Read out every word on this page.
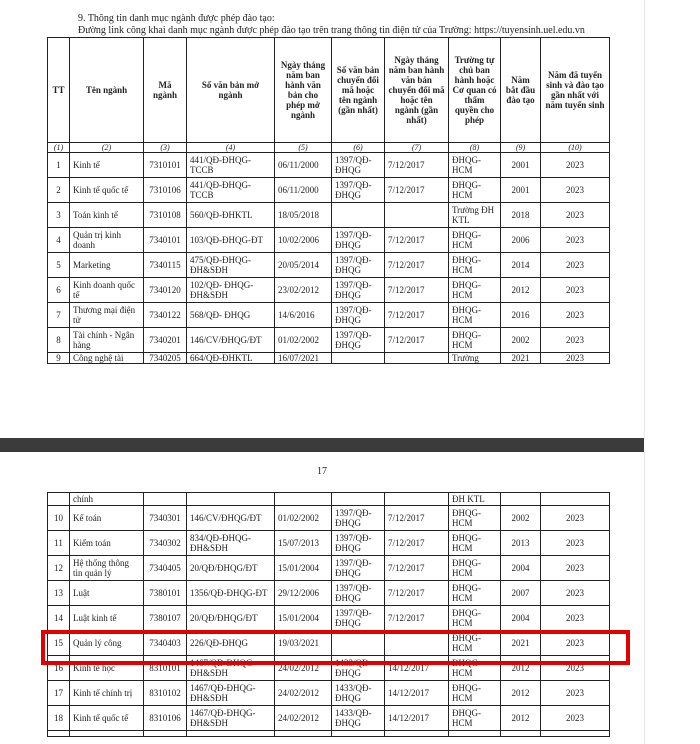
9. Thông tin danh mục ngành được phép đào tạo:

Đường link công khai danh mục ngành được phép đào tạo trên trang thông tin điện tử của Trường: https://tuyensinh.uel.edu.vn

TT	Tên ngành	Mã ngành	Số văn bản mở ngành	Ngày tháng năm ban hành văn bản cho phép mở ngành	Số văn bản chuyển đổi mã hoặc tên ngành (gần nhất)	Ngày tháng năm ban hành văn bản chuyển đổi mã hoặc tên ngành (gần nhất)	Trường tự chủ ban hành hoặc Cơ quan có thẩm quyền cho phép	Năm bắt đầu đào tạo	Năm đã tuyển sinh và đào tạo gần nhất với năm tuyển sinh
(1)	(2)	(3)	(4)	(5)	(6)	(7)	(8)	(9)	(10)
1	Kinh tế	7310101	441/QĐ-ĐHQG-TCCB	06/11/2000	1397/QĐ-ĐHQG	7/12/2017	ĐHQG-HCM	2001	2023
2	Kinh tế quốc tế	7310106	441/QĐ-ĐHQG-TCCB	06/11/2000	1397/QĐ-ĐHQG	7/12/2017	ĐHQG-HCM	2001	2023
3	Toán kinh tế	7310108	560/QĐ-ĐHKTL	18/05/2018			Trường ĐH KTL	2018	2023
4	Quản trị kinh doanh	7340101	103/QĐ-ĐHQG-ĐT	10/02/2006	1397/QĐ-ĐHQG	7/12/2017	ĐHQG-HCM	2006	2023
5	Marketing	7340115	475/QĐ-ĐHQG-ĐH&SĐH	20/05/2014	1397/QĐ-ĐHQG	7/12/2017	ĐHQG-HCM	2014	2023
6	Kinh doanh quốc tế	7340120	102/QĐ- ĐHQG-ĐH&SĐH	23/02/2012	1397/QĐ-ĐHQG	7/12/2017	ĐHQG-HCM	2012	2023
7	Thương mại điện tử	7340122	568/QĐ- ĐHQG	14/6/2016	1397/QĐ-ĐHQG	7/12/2017	ĐHQG-HCM	2016	2023
8	Tài chính - Ngân hàng	7340201	146/CV/ĐHQG/ĐT	01/02/2002	1397/QĐ-ĐHQG	7/12/2017	ĐHQG-HCM	2002	2023
9	Công nghệ tài	7340205	664/QĐ-ĐHKTL	16/07/2021			Trường	2021	2023
17
	chính						ĐH KTL		
10	Kế toán	7340301	146/CV/ĐHQG/ĐT	01/02/2002	1397/QĐ-ĐHQG	7/12/2017	ĐHQG-HCM	2002	2023
11	Kiểm toán	7340302	834/QĐ-ĐHQG-ĐH&SĐH	15/07/2013	1397/QĐ-ĐHQG	7/12/2017	ĐHQG-HCM	2013	2023
12	Hệ thống thông tin quản lý	7340405	20/QĐ/ĐHQG/ĐT	15/01/2004	1397/QĐ-ĐHQG	7/12/2017	ĐHQG-HCM	2004	2023
13	Luật	7380101	1356/QĐ-ĐHQG-ĐT	29/12/2006	1397/QĐ-ĐHQG	7/12/2017	ĐHQG-HCM	2007	2023
14	Luật kinh tế	7380107	20/QĐ/ĐHQG/ĐT	15/01/2004	1397/QĐ-ĐHQG	7/12/2017	ĐHQG-HCM	2004	2023
15	Quản lý công	7340403	226/QĐ-ĐHQG	19/03/2021			ĐHQG-HCM	2021	2023
16	Kinh tế học	8310101	1467/QĐ-ĐHQG-ĐH&SĐH	24/02/2012	1433/QĐ-ĐHQG	14/12/2017	ĐHQG-HCM	2012	2023
17	Kinh tế chính trị	8310102	1467/QĐ-ĐHQG-ĐH&SĐH	24/02/2012	1433/QĐ-ĐHQG	14/12/2017	ĐHQG-HCM	2012	2023
18	Kinh tế quốc tế	8310106	1467/QĐ-ĐHQG-ĐH&SĐH	24/02/2012	1433/QĐ-ĐHQG	14/12/2017	ĐHQG-HCM	2012	2023
